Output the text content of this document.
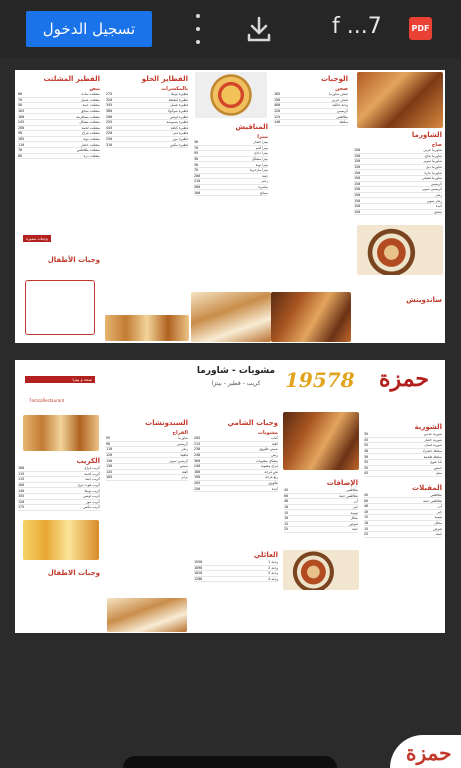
تسجيل الدخول	f ...7	PDF
الفطير المشلتت
بيض
مشلتت سادة
80
مشلتت عسل
70
مشلتت جبنة
50
مشلتت سجق
165
مشلتت بسطرمة
180
مشلتت مشكل
245
مشلتت لحمة
200
مشلتت فراخ
90
مشلتت تونة
185
مشلتت خضار
110
مشلتت بطاطس
70
مشلتت ذرة
80
وجبات مميزة
وجبات الأطفال
الفطاير الحلو
بالمكسرات
فطيرة نوتيلا
275
فطيرة قشطة
320
فطيرة عسل
345
فطيرة شوكولا
380
فطيرة لوتس
200
فطيرة بسبوسة
255
فطيرة كنافة
445
فطيرة تمر
220
فطيرة موز
250
فطيرة مكس
310
المناقيش
بيتزا
بيتزا خضار
30
بيتزا لحم
70
بيتزا دجاج
95
بيتزا مشكل
30
بيتزا تونة
30
بيتزا مارجريتا
70
جبنة
200
زعتر
210
محمرة
260
سبانخ
100
الوجبات
صحن
صحن شاورما
185
صحن عربي
150
وجبة عائلية
400
كريسبي
120
بطاطس
125
سلطة
140
الشاورما
صاج
شاورما عربي
150
شاورما صاج
150
شاورما سوبر
150
شاورما دبل
150
شاورما ماريا
150
شاورما تشيلي
150
كريسبي
150
كريسبي سوبر
150
زنجر
150
زنجر سوبر
150
كبدة
150
سجق
150
ساندويتش
صحة و بيتزا
7amzaRestaurant
الكريب
كريب فراخ
100
كريب لحمة
115
كريب جبنة
115
كريب هوت دوج
100
كريب نوتيلا
140
كريب لوتس
155
كريب موز
120
كريب مكس
175
وجبات الاطفال
السندوتشات
الفراخ
شاورما
95
كريسبي
90
زنجر
110
فاهيتا
120
كرسبي سوبر
130
شيش
130
كفتة
145
برجر
185
مشويات - شاورما
كريب - فطير - بيتزا
وجبات الشامي
مشويات
كباب
205
كفتة
215
شيش طاووق
230
ريش
240
مشكل مشويات
360
فراخ مشوية
240
نص فرخة
180
ربع فرخة
190
طاووق
265
كبدة
250
العائلي
وجبة 1
1550
وجبة 2
1090
وجبة 3
1020
وجبة 4
1200
19578
الإضافات
بطاطس
45
بطاطس جبنة
60
أرز
40
خبز
10
ثومية
15
مخلل
10
صوص
15
جبنة
25
حمزة
الشوربة
شوربة عدس
35
شوربة خضار
45
شوربة لسان
55
سلطة خضراء
40
سلطة طحينة
30
بابا غنوج
35
حمص
35
متبل
45
المقبلات
بطاطس
45
بطاطس جبنة
60
أرز
40
خبز
10
ثومية
15
مخلل
10
صوص
15
جبنة
25
حمزة
